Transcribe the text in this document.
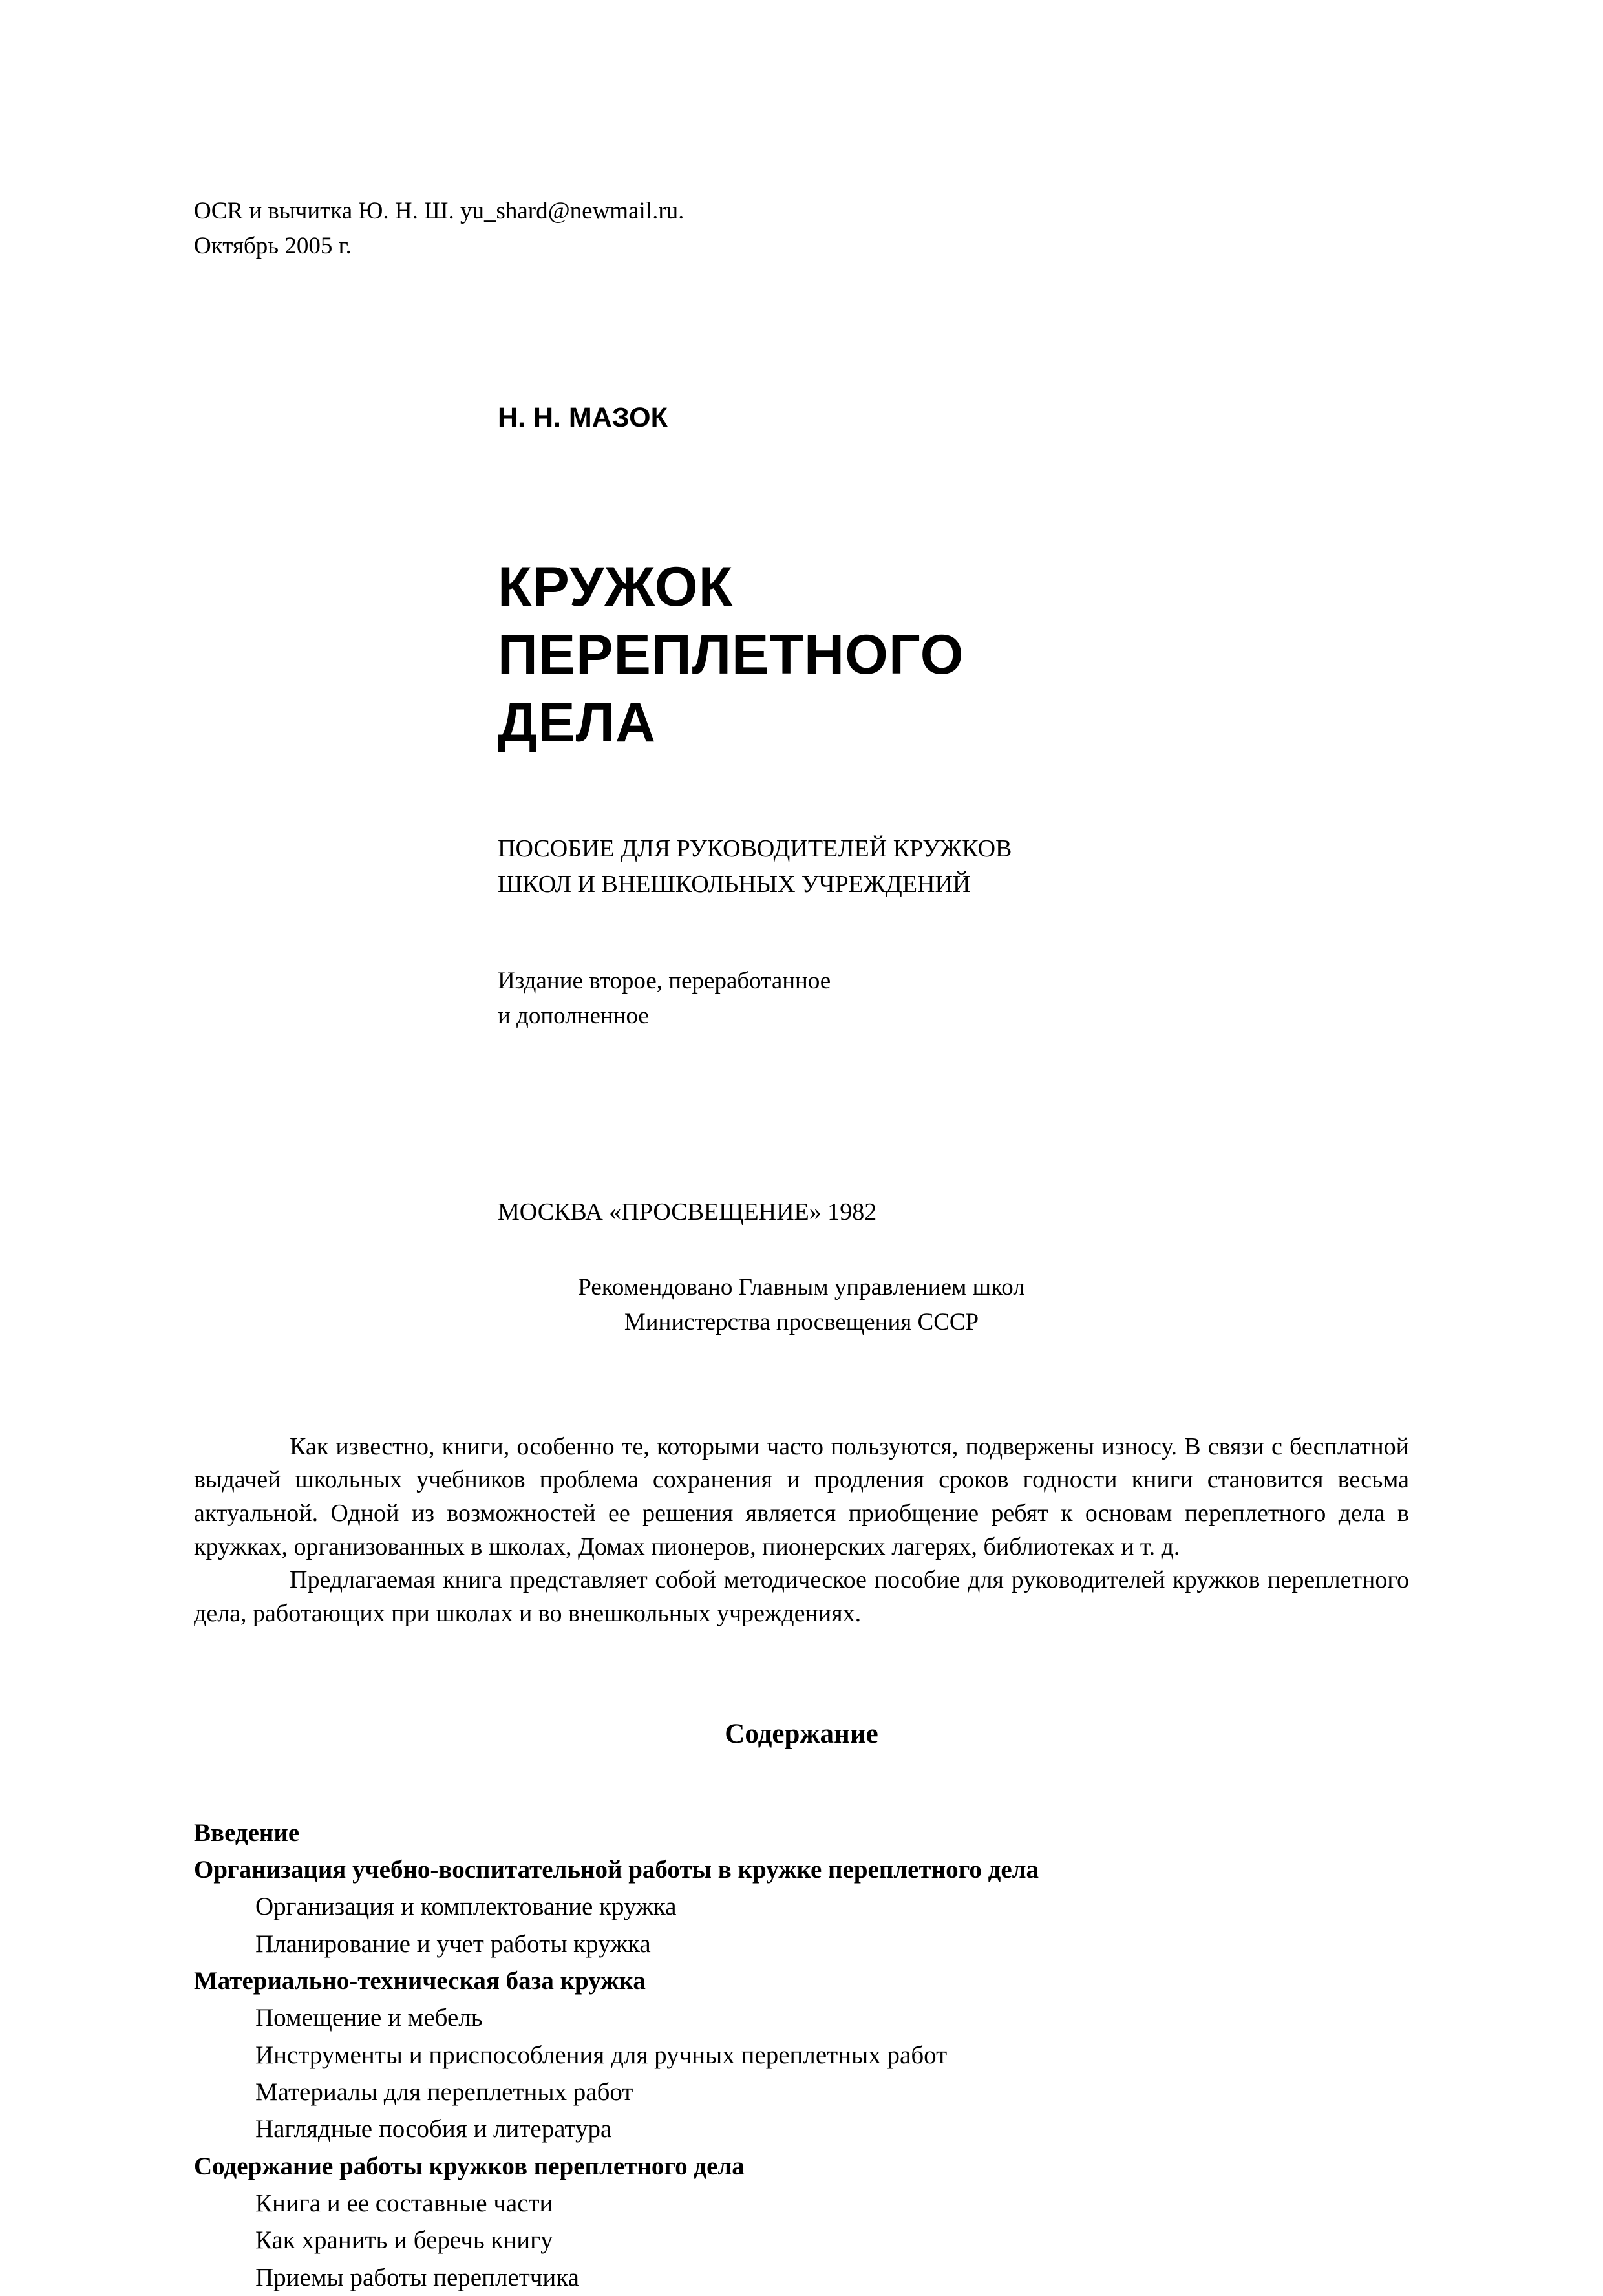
OCR и вычитка Ю. Н. Ш. yu_shard@newmail.ru.
Октябрь 2005 г.
Н. Н. МАЗОК
КРУЖОК
ПЕРЕПЛЕТНОГО
ДЕЛА
ПОСОБИЕ ДЛЯ РУКОВОДИТЕЛЕЙ КРУЖКОВ
ШКОЛ И ВНЕШКОЛЬНЫХ УЧРЕЖДЕНИЙ
Издание второе, переработанное
и дополненное
МОСКВА «ПРОСВЕЩЕНИЕ» 1982
Рекомендовано Главным управлением школ
Министерства просвещения СССР

Как известно, книги, особенно те, которыми часто пользуются, подвержены износу. В связи с бесплатной выдачей школьных учебников проблема сохранения и продления сроков годности книги становится весьма актуальной. Одной из возможностей ее решения является приобщение ребят к основам переплетного дела в кружках, организованных в школах, Домах пионеров, пионерских лагерях, библиотеках и т. д.

Предлагаемая книга представляет собой методическое пособие для руководителей кружков переплетного дела, работающих при школах и во внешкольных учреждениях.

Содержание
Введение
Организация учебно-воспитательной работы в кружке переплетного дела
Организация и комплектование кружка
Планирование и учет работы кружка
Материально-техническая база кружка
Помещение и мебель
Инструменты и приспособления для ручных переплетных работ
Материалы для переплетных работ
Наглядные пособия и литература
Содержание работы кружков переплетного дела
Книга и ее составные части
Как хранить и беречь книгу
Приемы работы переплетчика
